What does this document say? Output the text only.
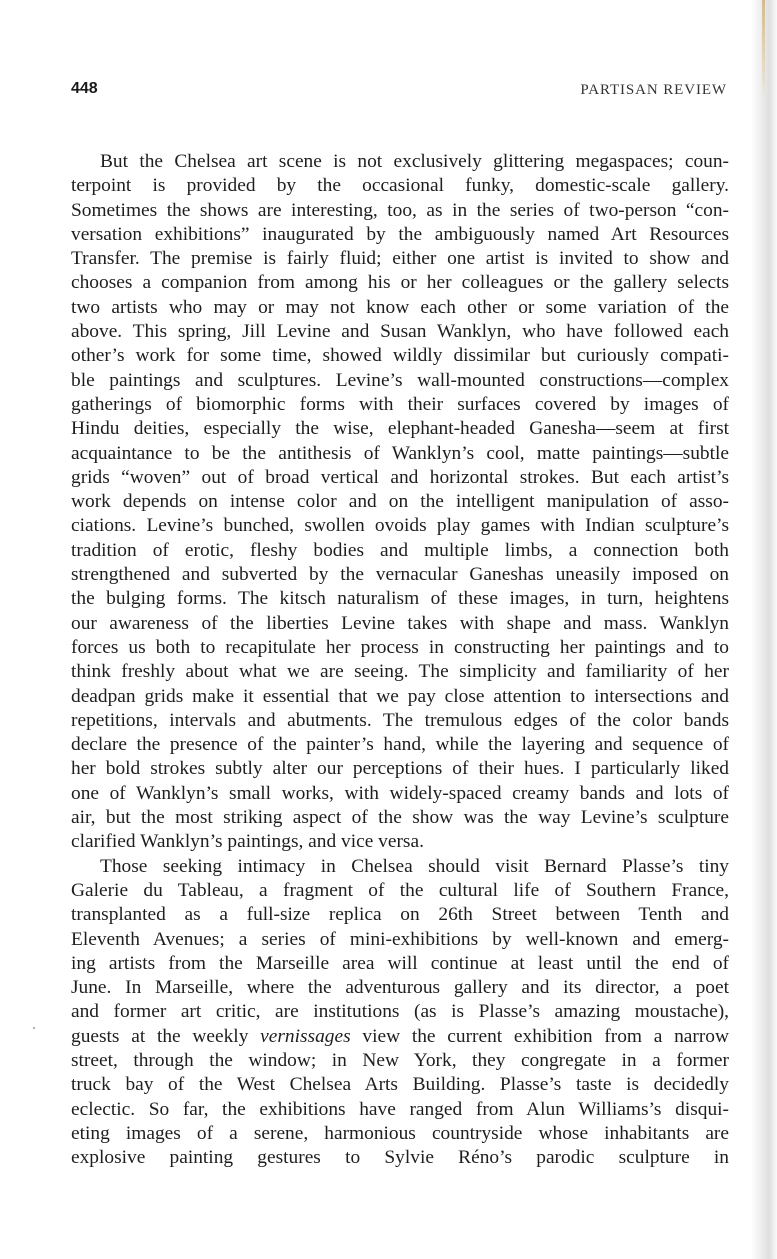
448	PARTISAN REVIEW
But the Chelsea art scene is not exclusively glittering megaspaces; coun-
terpoint is provided by the occasional funky, domestic-scale gallery.
Sometimes the shows are interesting, too, as in the series of two-person “con-
versation exhibitions” inaugurated by the ambiguously named Art Resources
Transfer. The premise is fairly fluid; either one artist is invited to show and
chooses a companion from among his or her colleagues or the gallery selects
two artists who may or may not know each other or some variation of the
above. This spring, Jill Levine and Susan Wanklyn, who have followed each
other’s work for some time, showed wildly dissimilar but curiously compati-
ble paintings and sculptures. Levine’s wall-mounted constructions—complex
gatherings of biomorphic forms with their surfaces covered by images of
Hindu deities, especially the wise, elephant-headed Ganesha—seem at first
acquaintance to be the antithesis of Wanklyn’s cool, matte paintings—subtle
grids “woven” out of broad vertical and horizontal strokes. But each artist’s
work depends on intense color and on the intelligent manipulation of asso-
ciations. Levine’s bunched, swollen ovoids play games with Indian sculpture’s
tradition of erotic, fleshy bodies and multiple limbs, a connection both
strengthened and subverted by the vernacular Ganeshas uneasily imposed on
the bulging forms. The kitsch naturalism of these images, in turn, heightens
our awareness of the liberties Levine takes with shape and mass. Wanklyn
forces us both to recapitulate her process in constructing her paintings and to
think freshly about what we are seeing. The simplicity and familiarity of her
deadpan grids make it essential that we pay close attention to intersections and
repetitions, intervals and abutments. The tremulous edges of the color bands
declare the presence of the painter’s hand, while the layering and sequence of
her bold strokes subtly alter our perceptions of their hues. I particularly liked
one of Wanklyn’s small works, with widely-spaced creamy bands and lots of
air, but the most striking aspect of the show was the way Levine’s sculpture
clarified Wanklyn’s paintings, and vice versa.
Those seeking intimacy in Chelsea should visit Bernard Plasse’s tiny
Galerie du Tableau, a fragment of the cultural life of Southern France,
transplanted as a full-size replica on 26th Street between Tenth and
Eleventh Avenues; a series of mini-exhibitions by well-known and emerg-
ing artists from the Marseille area will continue at least until the end of
June. In Marseille, where the adventurous gallery and its director, a poet
and former art critic, are institutions (as is Plasse’s amazing moustache),
guests at the weekly vernissages view the current exhibition from a narrow
street, through the window; in New York, they congregate in a former
truck bay of the West Chelsea Arts Building. Plasse’s taste is decidedly
eclectic. So far, the exhibitions have ranged from Alun Williams’s disqui-
eting images of a serene, harmonious countryside whose inhabitants are
explosive painting gestures to Sylvie Réno’s parodic sculpture in
